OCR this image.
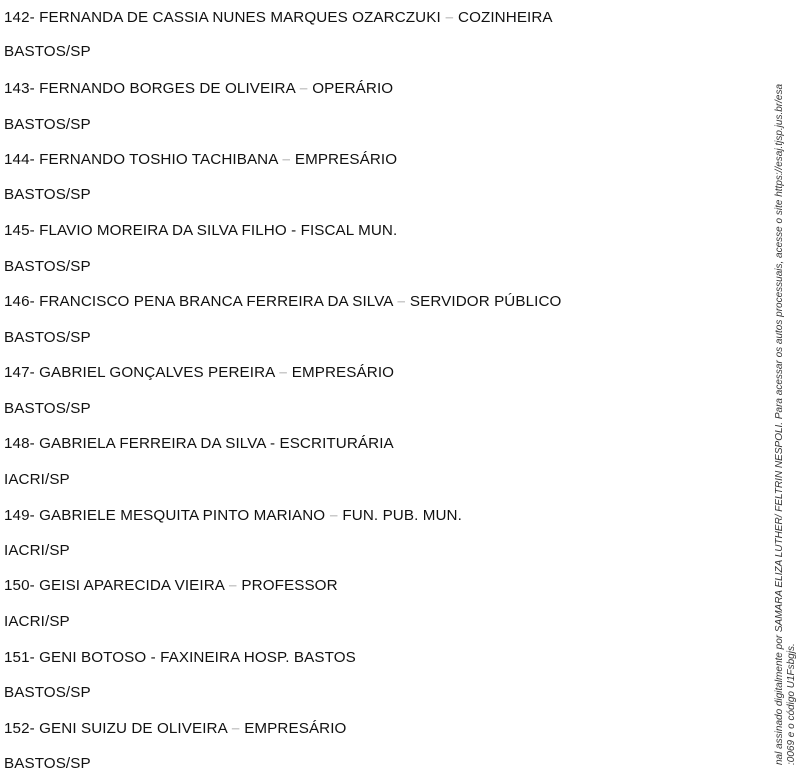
142- FERNANDA DE CASSIA NUNES MARQUES OZARCZUKI – COZINHEIRA
BASTOS/SP
143- FERNANDO BORGES DE OLIVEIRA – OPERÁRIO
BASTOS/SP
144- FERNANDO TOSHIO TACHIBANA – EMPRESÁRIO
BASTOS/SP
145- FLAVIO MOREIRA DA SILVA FILHO - FISCAL MUN.
BASTOS/SP
146- FRANCISCO PENA BRANCA FERREIRA DA SILVA – SERVIDOR PÚBLICO
BASTOS/SP
147- GABRIEL GONÇALVES PEREIRA – EMPRESÁRIO
BASTOS/SP
148- GABRIELA FERREIRA DA SILVA - ESCRITURÁRIA
IACRI/SP
149- GABRIELE MESQUITA PINTO MARIANO – FUN. PUB. MUN.
IACRI/SP
150- GEISI APARECIDA VIEIRA – PROFESSOR
IACRI/SP
151- GENI BOTOSO - FAXINEIRA HOSP. BASTOS
BASTOS/SP
152- GENI SUIZU DE OLIVEIRA – EMPRESÁRIO
BASTOS/SP	nal assinado digitalmente por SAMARA ELIZA LUTHER/ FELTRIN NESPOLI. Para acessar os autos processuais, acesse o site https://esaj.tjsp.jus.br/esa :0069 e o código U1Fsbgjs.
